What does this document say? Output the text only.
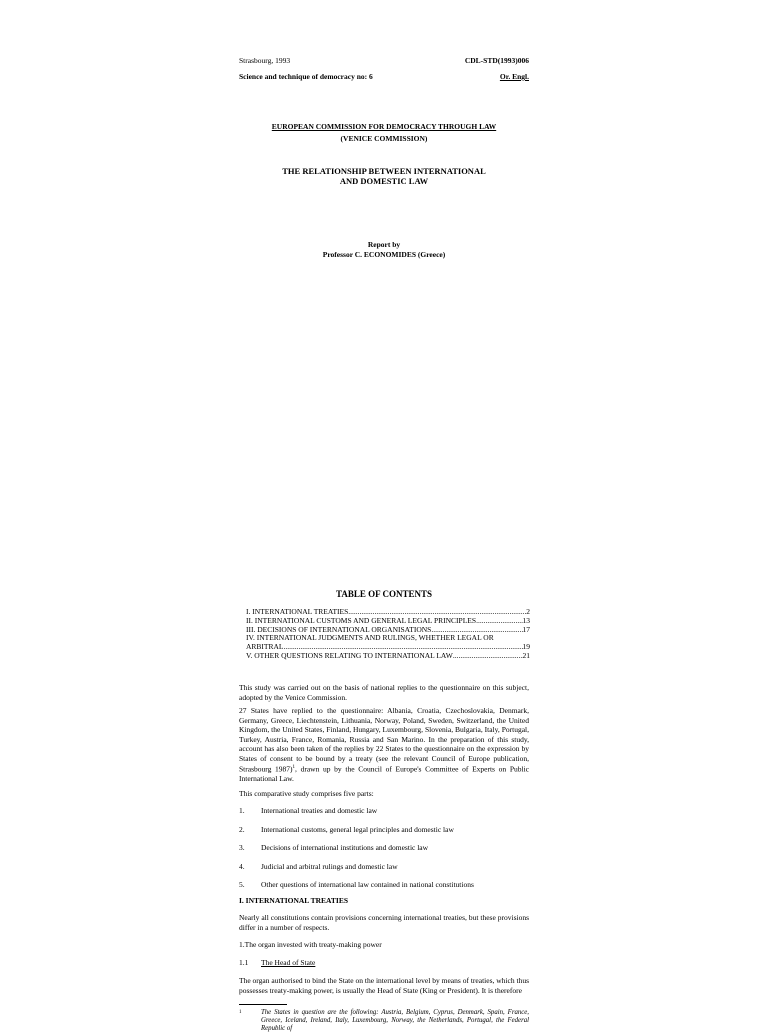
Strasbourg, 1993	CDL-STD(1993)006
Science and technique of democracy no: 6	Or. Engl.
EUROPEAN COMMISSION FOR DEMOCRACY THROUGH LAW
(VENICE COMMISSION)
THE RELATIONSHIP BETWEEN INTERNATIONAL
AND DOMESTIC LAW
Report by
Professor C. ECONOMIDES (Greece)
TABLE OF CONTENTS
I. INTERNATIONAL TREATIES .....	2
II. INTERNATIONAL CUSTOMS AND GENERAL LEGAL PRINCIPLES .....	13
III. DECISIONS OF INTERNATIONAL ORGANISATIONS .....	17
IV. INTERNATIONAL JUDGMENTS AND RULINGS, WHETHER LEGAL OR
ARBITRAL .....	19
V. OTHER QUESTIONS RELATING TO INTERNATIONAL LAW .....	21
This study was carried out on the basis of national replies to the questionnaire on this subject, adopted by the Venice Commission.
27 States have replied to the questionnaire: Albania, Croatia, Czechoslovakia, Denmark, Germany, Greece, Liechtenstein, Lithuania, Norway, Poland, Sweden, Switzerland, the United Kingdom, the United States, Finland, Hungary, Luxembourg, Slovenia, Bulgaria, Italy, Portugal, Turkey, Austria, France, Romania, Russia and San Marino. In the preparation of this study, account has also been taken of the replies by 22 States to the questionnaire on the expression by States of consent to be bound by a treaty (see the relevant Council of Europe publication, Strasbourg 1987)$^1$, drawn up by the Council of Europe's Committee of Experts on Public International Law.
This comparative study comprises five parts:
1.	International treaties and domestic law
2.	International customs, general legal principles and domestic law
3.	Decisions of international institutions and domestic law
4.	Judicial and arbitral rulings and domestic law
5.	Other questions of international law contained in national constitutions
I. INTERNATIONAL TREATIES
Nearly all constitutions contain provisions concerning international treaties, but these provisions differ in a number of respects.
1.The organ invested with treaty-making power
1.1	The Head of State
The organ authorised to bind the State on the international level by means of treaties, which thus possesses treaty-making power, is usually the Head of State (King or President). It is therefore
1	The States in question are the following: Austria, Belgium, Cyprus, Denmark, Spain, France, Greece, Iceland, Ireland, Italy, Luxembourg, Norway, the Netherlands, Portugal, the Federal Republic of
